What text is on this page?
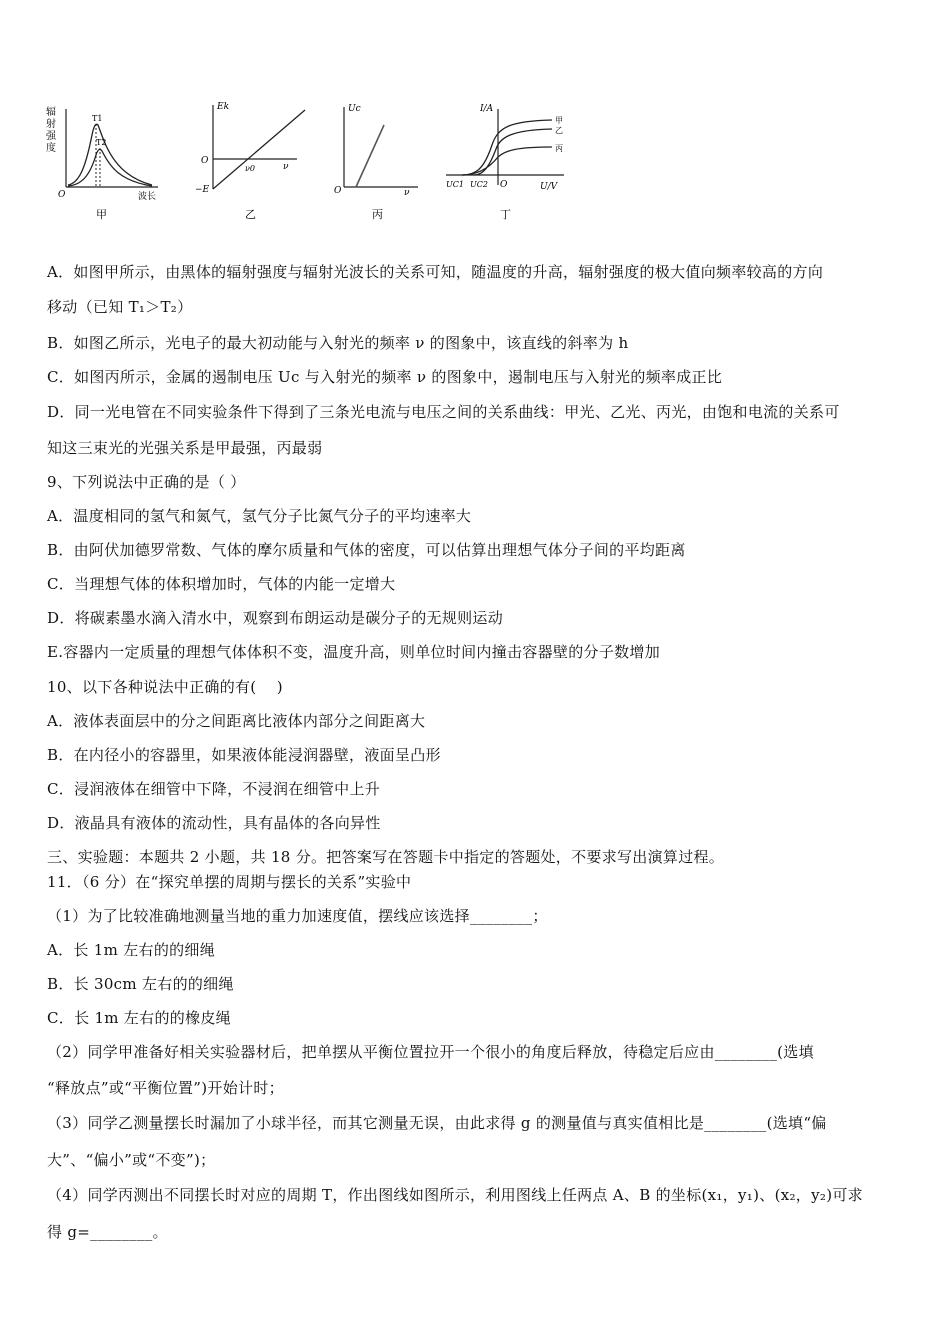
辐
射
强
度
T1
T2
O	波长
甲
Ek
O
ν0	ν
−E
乙
Uc
O	ν
丙
I/A
甲
乙
丙
UC1 UC2 O	U/V
丁
A．如图甲所示，由黑体的辐射强度与辐射光波长的关系可知，随温度的升高，辐射强度的极大值向频率较高的方向
移动（已知 T₁＞T₂）
B．如图乙所示，光电子的最大初动能与入射光的频率 ν 的图象中，该直线的斜率为 h
C．如图丙所示，金属的遏制电压 Uc 与入射光的频率 ν 的图象中，遏制电压与入射光的频率成正比
D．同一光电管在不同实验条件下得到了三条光电流与电压之间的关系曲线：甲光、乙光、丙光，由饱和电流的关系可
知这三束光的光强关系是甲最强，丙最弱
9、下列说法中正确的是（ ）
A．温度相同的氢气和氮气，氢气分子比氮气分子的平均速率大
B．由阿伏加德罗常数、气体的摩尔质量和气体的密度，可以估算出理想气体分子间的平均距离
C．当理想气体的体积增加时，气体的内能一定增大
D．将碳素墨水滴入清水中，观察到布朗运动是碳分子的无规则运动
E.容器内一定质量的理想气体体积不变，温度升高，则单位时间内撞击容器壁的分子数增加
10、以下各种说法中正确的有(　 )
A．液体表面层中的分之间距离比液体内部分之间距离大
B．在内径小的容器里，如果液体能浸润器壁，液面呈凸形
C．浸润液体在细管中下降，不浸润在细管中上升
D．液晶具有液体的流动性，具有晶体的各向异性
三、实验题：本题共 2 小题，共 18 分。把答案写在答题卡中指定的答题处，不要求写出演算过程。
11．（6 分）在“探究单摆的周期与摆长的关系”实验中
（1）为了比较准确地测量当地的重力加速度值，摆线应该选择________；
A．长 1m 左右的的细绳
B．长 30cm 左右的的细绳
C．长 1m 左右的的橡皮绳
（2）同学甲准备好相关实验器材后，把单摆从平衡位置拉开一个很小的角度后释放，待稳定后应由________(选填
“释放点”或“平衡位置”)开始计时；
（3）同学乙测量摆长时漏加了小球半径，而其它测量无误，由此求得 g 的测量值与真实值相比是________(选填“偏
大”、“偏小”或“不变”)；
（4）同学丙测出不同摆长时对应的周期 T，作出图线如图所示，利用图线上任两点 A、B 的坐标(x₁，y₁)、(x₂，y₂)可求
得 g=________。
